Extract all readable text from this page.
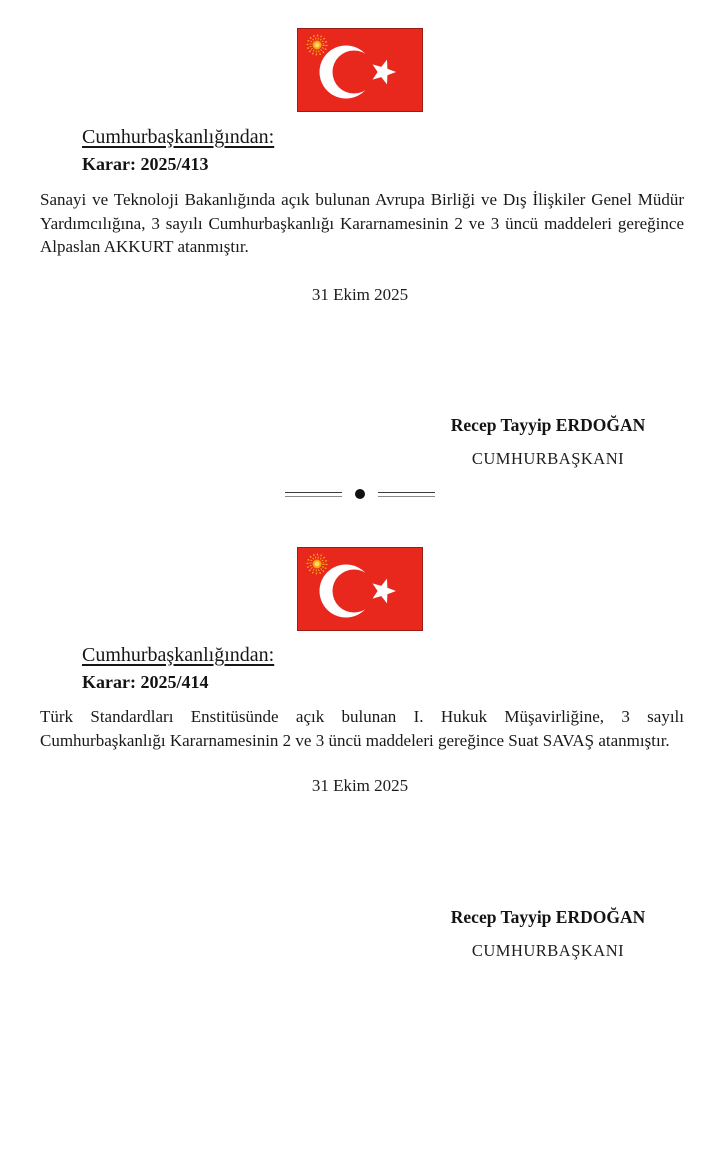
Cumhurbaşkanlığından:
Karar: 2025/413
Sanayi ve Teknoloji Bakanlığında açık bulunan Avrupa Birliği ve Dış İlişkiler Genel Müdür Yardımcılığına, 3 sayılı Cumhurbaşkanlığı Kararnamesinin 2 ve 3 üncü maddeleri gereğince Alpaslan AKKURT atanmıştır.
31 Ekim 2025
Recep Tayyip ERDOĞAN
CUMHURBAŞKANI
Cumhurbaşkanlığından:
Karar: 2025/414
Türk Standardları Enstitüsünde açık bulunan I. Hukuk Müşavirliğine, 3 sayılı Cumhurbaşkanlığı Kararnamesinin 2 ve 3 üncü maddeleri gereğince Suat SAVAŞ atanmıştır.
31 Ekim 2025
Recep Tayyip ERDOĞAN
CUMHURBAŞKANI
